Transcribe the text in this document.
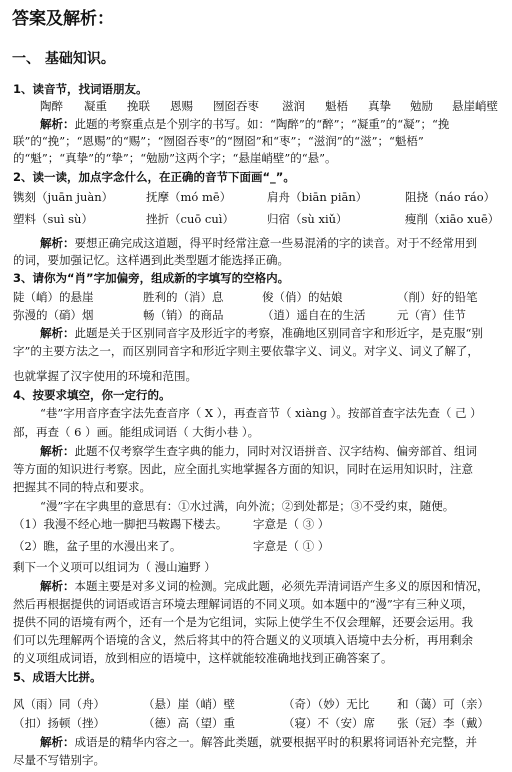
答案及解析：
一、 基础知识。
1、读音节，找词语朋友。
陶醉 凝重 挽联 恩赐 囫囵吞枣 滋润 魁梧 真挚 勉励 悬崖峭壁
解析：此题的考察重点是个别字的书写。如：“陶醉”的“醉”；“凝重”的“凝”；“挽
联”的“挽”；“恩赐”的“赐”；“囫囵吞枣”的“囫囵”和“枣”；“滋润”的“滋”；“魁梧”
的“魁”；“真挚”的“挚”；“勉励”这两个字；“悬崖峭壁”的“悬”。
2、读一读，加点字念什么，在正确的音节下面画“_”。
镌刻（juān juàn）	抚摩（mó mē）	肩舟（biān piān）	阻挠（náo ráo）
塑料（suì sù）	挫折（cuō cuì）	归宿（sù xiǔ）	瘦削（xiāo xuē）
解析：要想正确完成这道题，得平时经常注意一些易混淆的字的读音。对于不经常用到
的词，要加强记忆。这样遇到此类型题才能选择正确。
3、请你为“肖”字加偏旁，组成新的字填写的空格内。
陡（峭）的悬崖	胜利的（消）息	俊（俏）的姑娘	（削）好的铅笔
弥漫的（硝）烟	畅（销）的商品	（逍）遥自在的生活	元（宵）佳节
解析：此题是关于区别同音字及形近字的考察，准确地区别同音字和形近字，是克服“别
字”的主要方法之一，而区别同音字和形近字则主要依靠字义、词义。对字义、词义了解了，
也就掌握了汉字使用的环境和范围。
4、按要求填空，你一定行的。
“巷”字用音序查字法先查音序（ X ），再查音节（ xiàng ）。按部首查字法先查（ 己 ）
部，再查（ 6 ）画。能组成词语（ 大街小巷 ）。
解析：此题不仅考察学生查字典的能力，同时对汉语拼音、汉字结构、偏旁部首、组词
等方面的知识进行考察。因此，应全面扎实地掌握各方面的知识，同时在运用知识时，注意
把握其不同的特点和要求。
“漫”字在字典里的意思有：①水过满，向外流；②到处都是；③不受约束，随便。
（1）我漫不经心地一脚把马鞍踢下楼去。 字意是（ ③ ）
（2）瞧，盆子里的水漫出来了。	字意是（ ① ）
剩下一个义项可以组词为（ 漫山遍野 ）
解析：本题主要是对多义词的检测。完成此题，必须先弄清词语产生多义的原因和情况，
然后再根据提供的词语或语言环境去理解词语的不同义项。如本题中的“漫”字有三种义项，
提供不同的语境有两个，还有一个是为它组词，实际上使学生不仅会理解，还要会运用。我
们可以先理解两个语境的含义，然后将其中的符合题义的义项填入语境中去分析，再用剩余
的义项组成词语，放到相应的语境中，这样就能较准确地找到正确答案了。
5、成语大比拼。
风（雨）同（舟）	（悬）崖（峭）壁	（奇）（妙）无比 和（蔼）可（亲）
（扣）扬顿（挫）	（德）高（望）重	（寝）不（安）席 张（冠）李（戴）
解析：成语是的精华内容之一。解答此类题，就要根据平时的积累将词语补充完整，并
尽量不写错别字。
